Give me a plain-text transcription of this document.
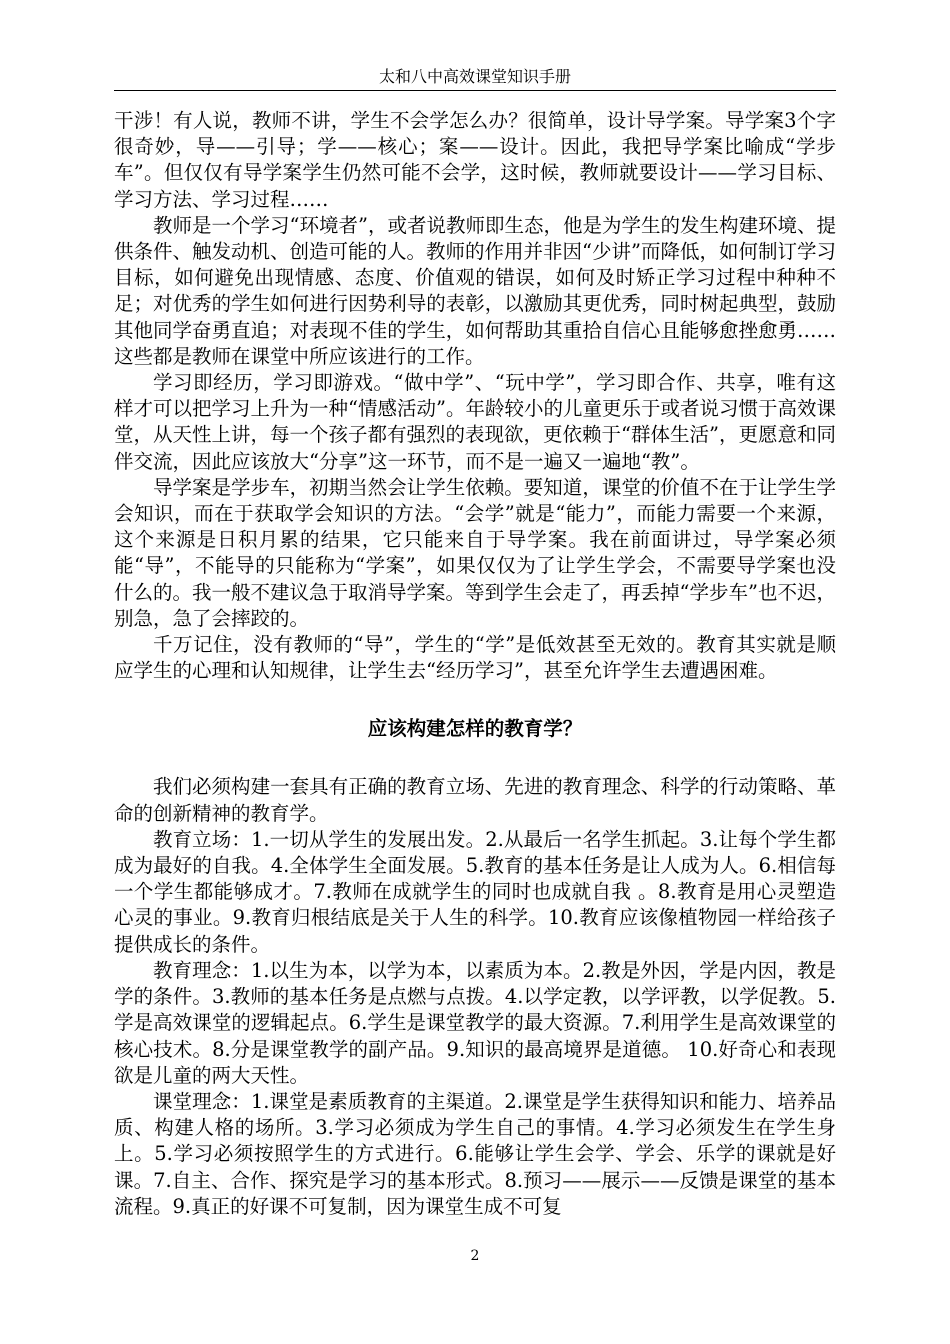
太和八中高效课堂知识手册

干涉！有人说，教师不讲，学生不会学怎么办？很简单，设计导学案。导学案3个字很奇妙，导——引导；学——核心；案——设计。因此，我把导学案比喻成“学步车”。但仅仅有导学案学生仍然可能不会学，这时候，教师就要设计——学习目标、学习方法、学习过程……

教师是一个学习“环境者”，或者说教师即生态，他是为学生的发生构建环境、提供条件、触发动机、创造可能的人。教师的作用并非因“少讲”而降低，如何制订学习目标，如何避免出现情感、态度、价值观的错误，如何及时矫正学习过程中种种不足；对优秀的学生如何进行因势利导的表彰，以激励其更优秀，同时树起典型，鼓励其他同学奋勇直追；对表现不佳的学生，如何帮助其重拾自信心且能够愈挫愈勇……这些都是教师在课堂中所应该进行的工作。

学习即经历，学习即游戏。“做中学”、“玩中学”，学习即合作、共享，唯有这样才可以把学习上升为一种“情感活动”。年龄较小的儿童更乐于或者说习惯于高效课堂，从天性上讲，每一个孩子都有强烈的表现欲，更依赖于“群体生活”，更愿意和同伴交流，因此应该放大“分享”这一环节，而不是一遍又一遍地“教”。

导学案是学步车，初期当然会让学生依赖。要知道，课堂的价值不在于让学生学会知识，而在于获取学会知识的方法。“会学”就是“能力”，而能力需要一个来源，这个来源是日积月累的结果，它只能来自于导学案。我在前面讲过，导学案必须能“导”，不能导的只能称为“学案”，如果仅仅为了让学生学会，不需要导学案也没什么的。我一般不建议急于取消导学案。等到学生会走了，再丢掉“学步车”也不迟，别急，急了会摔跤的。

千万记住，没有教师的“导”，学生的“学”是低效甚至无效的。教育其实就是顺应学生的心理和认知规律，让学生去“经历学习”，甚至允许学生去遭遇困难。

应该构建怎样的教育学？

我们必须构建一套具有正确的教育立场、先进的教育理念、科学的行动策略、革命的创新精神的教育学。

教育立场：1.一切从学生的发展出发。2.从最后一名学生抓起。3.让每个学生都成为最好的自我。4.全体学生全面发展。5.教育的基本任务是让人成为人。6.相信每一个学生都能够成才。7.教师在成就学生的同时也成就自我 。8.教育是用心灵塑造心灵的事业。9.教育归根结底是关于人生的科学。10.教育应该像植物园一样给孩子提供成长的条件。

教育理念：1.以生为本，以学为本，以素质为本。2.教是外因，学是内因，教是学的条件。3.教师的基本任务是点燃与点拨。4.以学定教，以学评教，以学促教。5.学是高效课堂的逻辑起点。6.学生是课堂教学的最大资源。7.利用学生是高效课堂的核心技术。8.分是课堂教学的副产品。9.知识的最高境界是道德。 10.好奇心和表现欲是儿童的两大天性。

课堂理念：1.课堂是素质教育的主渠道。2.课堂是学生获得知识和能力、培养品质、构建人格的场所。3.学习必须成为学生自己的事情。4.学习必须发生在学生身上。5.学习必须按照学生的方式进行。6.能够让学生会学、学会、乐学的课就是好课。7.自主、合作、探究是学习的基本形式。8.预习——展示——反馈是课堂的基本流程。9.真正的好课不可复制，因为课堂生成不可复

2
